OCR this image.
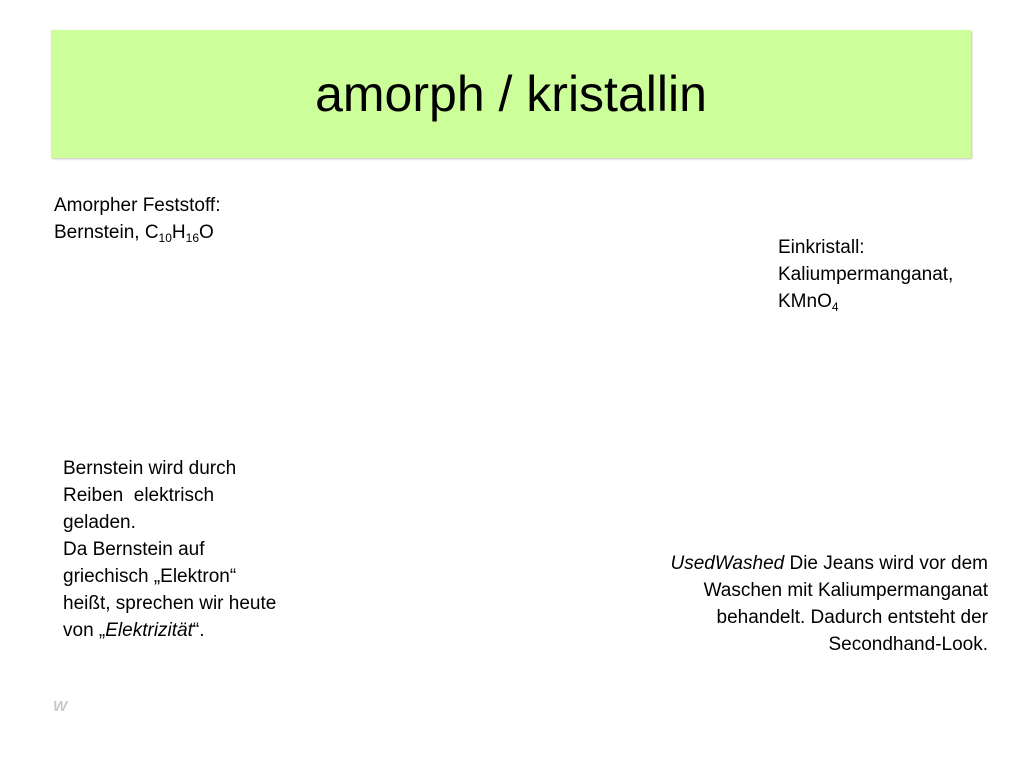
amorph / kristallin
Amorpher Feststoff:
Bernstein, $C_{10}H_{16}O$
Einkristall:
Kaliumpermanganat,
KMnO$_4$
Bernstein wird durch
Reiben  elektrisch
geladen.
Da Bernstein auf
griechisch „Elektron“
heißt, sprechen wir heute
von „Elektrizität“.
UsedWashed Die Jeans wird vor dem
Waschen mit Kaliumpermanganat
behandelt. Dadurch entsteht der
Secondhand-Look.
W
